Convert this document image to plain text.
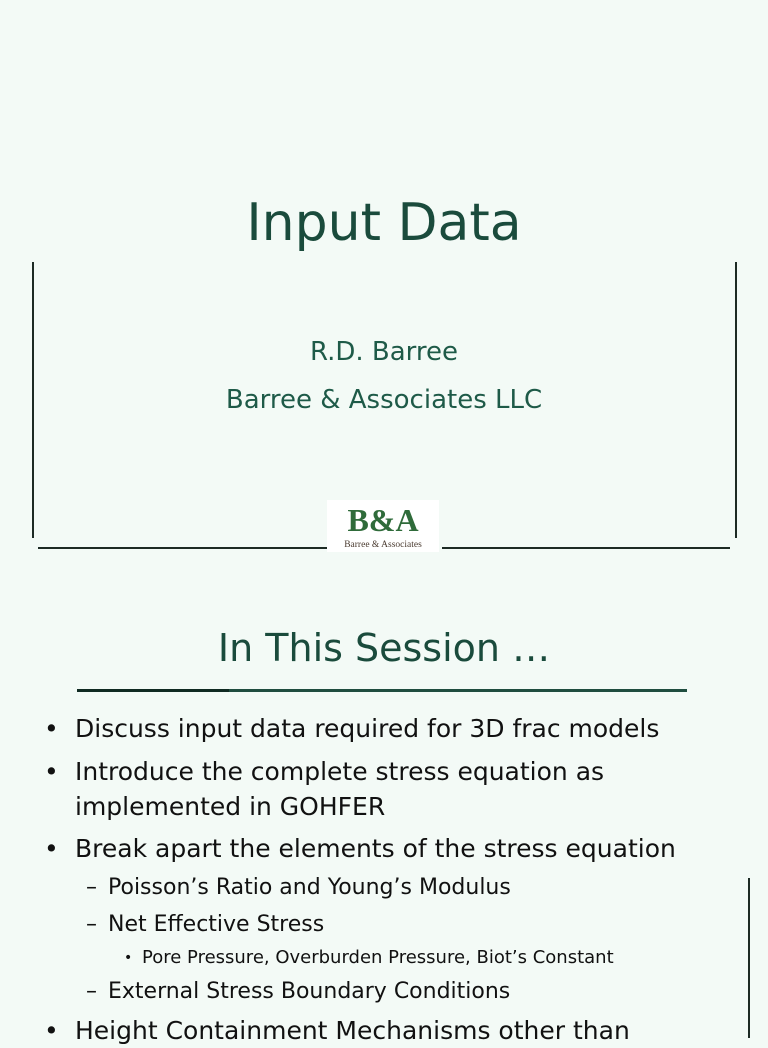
Input Data
R.D. Barree
Barree & Associates LLC
B&A
Barree & Associates
In This Session …
• Discuss input data required for 3D frac models
• Introduce the complete stress equation as
implemented in GOHFER
• Break apart the elements of the stress equation
– Poisson’s Ratio and Young’s Modulus
– Net Effective Stress
• Pore Pressure, Overburden Pressure, Biot’s Constant
– External Stress Boundary Conditions
• Height Containment Mechanisms other than
